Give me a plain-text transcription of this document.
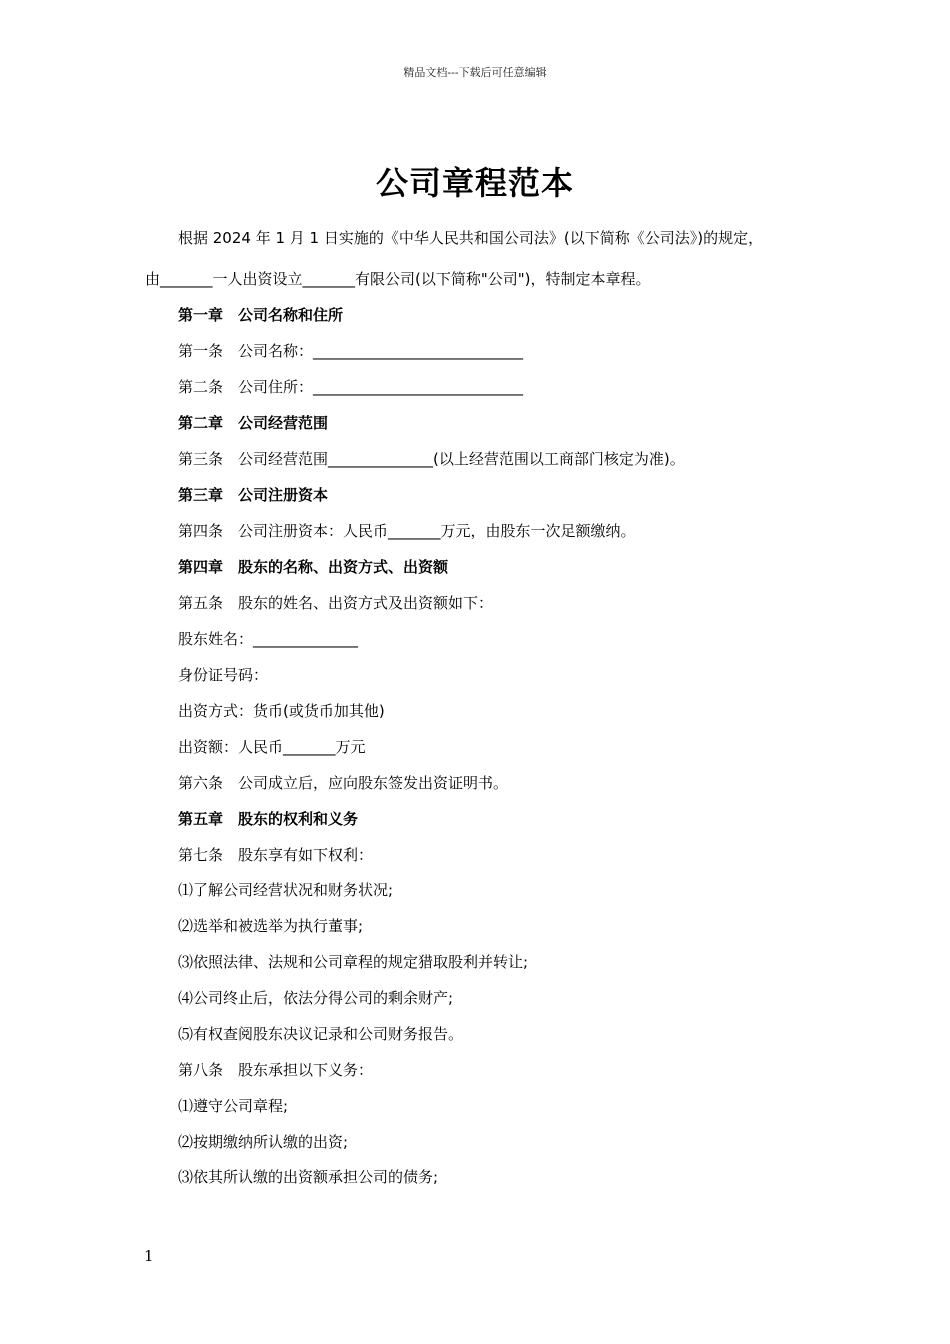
精品文档---下载后可任意编辑
公司章程范本
根据 2024 年 1 月 1 日实施的《中华人民共和国公司法》(以下简称《公司法》)的规定，
由_______一人出资设立_______有限公司(以下简称"公司")，特制定本章程。
第一章　公司名称和住所
第一条　公司名称：____________________________
第二条　公司住所：____________________________
第二章　公司经营范围
第三条　公司经营范围______________(以上经营范围以工商部门核定为准)。
第三章　公司注册资本
第四条　公司注册资本：人民币_______万元，由股东一次足额缴纳。
第四章　股东的名称、出资方式、出资额
第五条　股东的姓名、出资方式及出资额如下：
股东姓名：______________
身份证号码：
出资方式：货币(或货币加其他)
出资额：人民币_______万元
第六条　公司成立后，应向股东签发出资证明书。
第五章　股东的权利和义务
第七条　股东享有如下权利：
⑴了解公司经营状况和财务状况;
⑵选举和被选举为执行董事;
⑶依照法律、法规和公司章程的规定猎取股利并转让;
⑷公司终止后，依法分得公司的剩余财产;
⑸有权查阅股东决议记录和公司财务报告。
第八条　股东承担以下义务：
⑴遵守公司章程;
⑵按期缴纳所认缴的出资;
⑶依其所认缴的出资额承担公司的债务;
1
